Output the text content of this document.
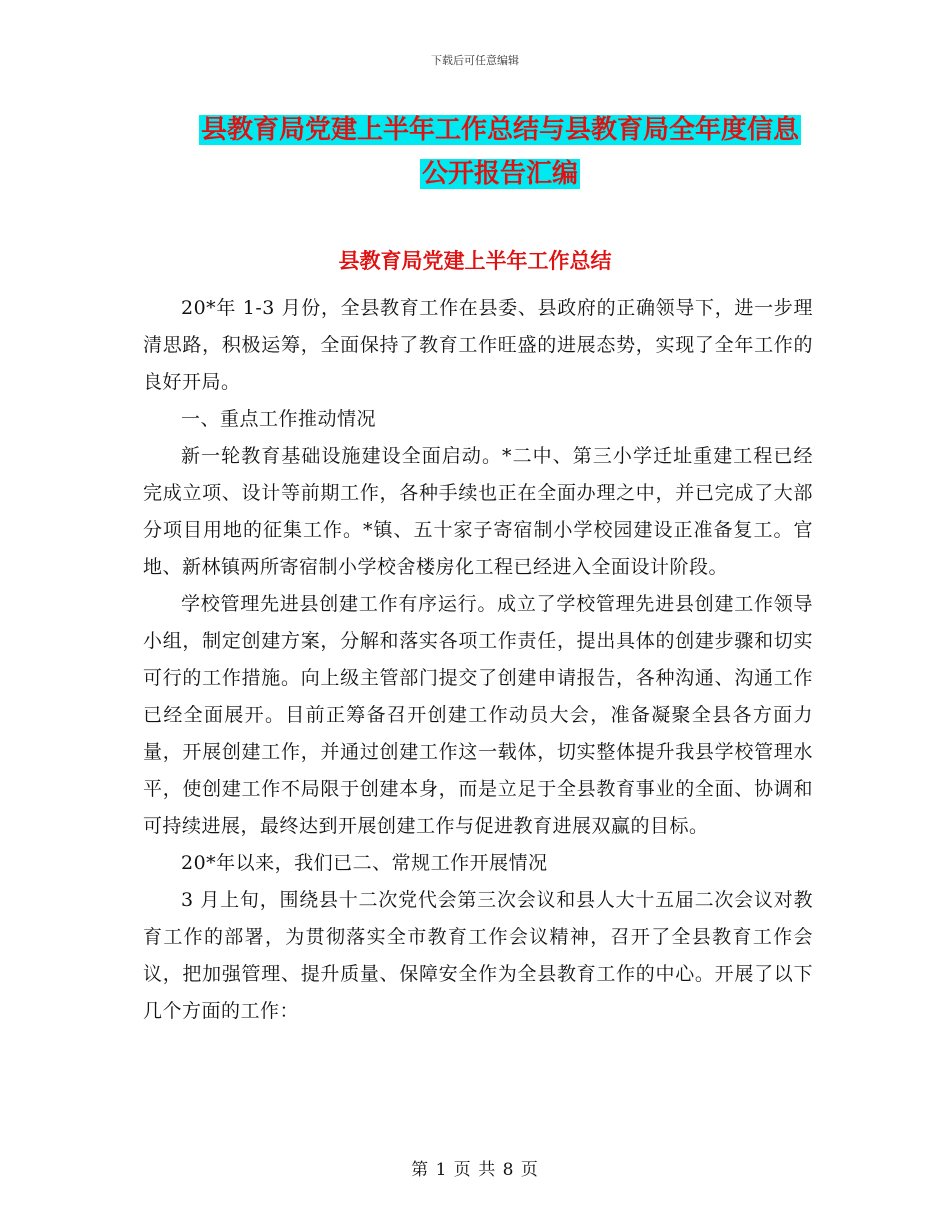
下载后可任意编辑
县教育局党建上半年工作总结与县教育局全年度信息
公开报告汇编
县教育局党建上半年工作总结

20*年 1-3 月份，全县教育工作在县委、县政府的正确领导下，进一步理清思路，积极运筹，全面保持了教育工作旺盛的进展态势，实现了全年工作的良好开局。

一、重点工作推动情况

新一轮教育基础设施建设全面启动。*二中、第三小学迁址重建工程已经完成立项、设计等前期工作，各种手续也正在全面办理之中，并已完成了大部分项目用地的征集工作。*镇、五十家子寄宿制小学校园建设正准备复工。官地、新林镇两所寄宿制小学校舍楼房化工程已经进入全面设计阶段。

学校管理先进县创建工作有序运行。成立了学校管理先进县创建工作领导小组，制定创建方案，分解和落实各项工作责任，提出具体的创建步骤和切实可行的工作措施。向上级主管部门提交了创建申请报告，各种沟通、沟通工作已经全面展开。目前正筹备召开创建工作动员大会，准备凝聚全县各方面力量，开展创建工作，并通过创建工作这一载体，切实整体提升我县学校管理水平，使创建工作不局限于创建本身，而是立足于全县教育事业的全面、协调和可持续进展，最终达到开展创建工作与促进教育进展双赢的目标。

20*年以来，我们已二、常规工作开展情况

3 月上旬，围绕县十二次党代会第三次会议和县人大十五届二次会议对教育工作的部署，为贯彻落实全市教育工作会议精神，召开了全县教育工作会议，把加强管理、提升质量、保障安全作为全县教育工作的中心。开展了以下几个方面的工作：

第 1 页 共 8 页
